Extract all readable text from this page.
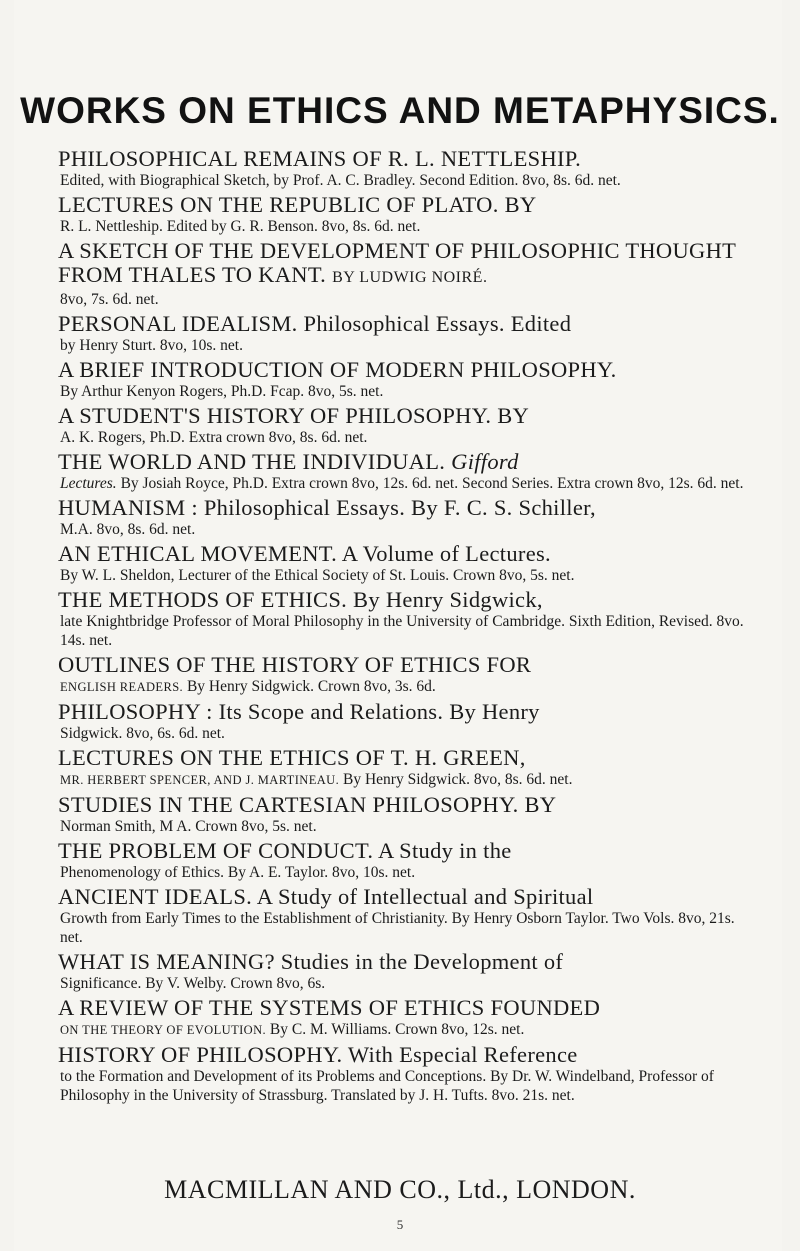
WORKS ON ETHICS AND METAPHYSICS.
PHILOSOPHICAL REMAINS OF R. L. NETTLESHIP.
Edited, with Biographical Sketch, by Prof. A. C. Bradley. Second Edition. 8vo, 8s. 6d. net.
LECTURES ON THE REPUBLIC OF PLATO. BY
R. L. Nettleship. Edited by G. R. Benson. 8vo, 8s. 6d. net.
A SKETCH OF THE DEVELOPMENT OF PHILOSOPHIC THOUGHT FROM THALES TO KANT. BY LUDWIG NOIRÉ.
8vo, 7s. 6d. net.
PERSONAL IDEALISM. Philosophical Essays. Edited
by Henry Sturt. 8vo, 10s. net.
A BRIEF INTRODUCTION OF MODERN PHILOSOPHY.
By Arthur Kenyon Rogers, Ph.D. Fcap. 8vo, 5s. net.
A STUDENT'S HISTORY OF PHILOSOPHY. BY
A. K. Rogers, Ph.D. Extra crown 8vo, 8s. 6d. net.
THE WORLD AND THE INDIVIDUAL. Gifford
Lectures. By Josiah Royce, Ph.D. Extra crown 8vo, 12s. 6d. net. Second Series. Extra crown 8vo, 12s. 6d. net.
HUMANISM : Philosophical Essays. By F. C. S. Schiller,
M.A. 8vo, 8s. 6d. net.
AN ETHICAL MOVEMENT. A Volume of Lectures.
By W. L. Sheldon, Lecturer of the Ethical Society of St. Louis. Crown 8vo, 5s. net.
THE METHODS OF ETHICS. By Henry Sidgwick,
late Knightbridge Professor of Moral Philosophy in the University of Cambridge. Sixth Edition, Revised. 8vo. 14s. net.
OUTLINES OF THE HISTORY OF ETHICS FOR
ENGLISH READERS. By Henry Sidgwick. Crown 8vo, 3s. 6d.
PHILOSOPHY : Its Scope and Relations. By Henry
Sidgwick. 8vo, 6s. 6d. net.
LECTURES ON THE ETHICS OF T. H. GREEN,
MR. HERBERT SPENCER, AND J. MARTINEAU. By Henry Sidgwick. 8vo, 8s. 6d. net.
STUDIES IN THE CARTESIAN PHILOSOPHY. BY
Norman Smith, M A. Crown 8vo, 5s. net.
THE PROBLEM OF CONDUCT. A Study in the
Phenomenology of Ethics. By A. E. Taylor. 8vo, 10s. net.
ANCIENT IDEALS. A Study of Intellectual and Spiritual
Growth from Early Times to the Establishment of Christianity. By Henry Osborn Taylor. Two Vols. 8vo, 21s. net.
WHAT IS MEANING? Studies in the Development of
Significance. By V. Welby. Crown 8vo, 6s.
A REVIEW OF THE SYSTEMS OF ETHICS FOUNDED
ON THE THEORY OF EVOLUTION. By C. M. Williams. Crown 8vo, 12s. net.
HISTORY OF PHILOSOPHY. With Especial Reference
to the Formation and Development of its Problems and Conceptions. By Dr. W. Windelband, Professor of Philosophy in the University of Strassburg. Translated by J. H. Tufts. 8vo. 21s. net.
MACMILLAN AND CO., Ltd., LONDON.
5
